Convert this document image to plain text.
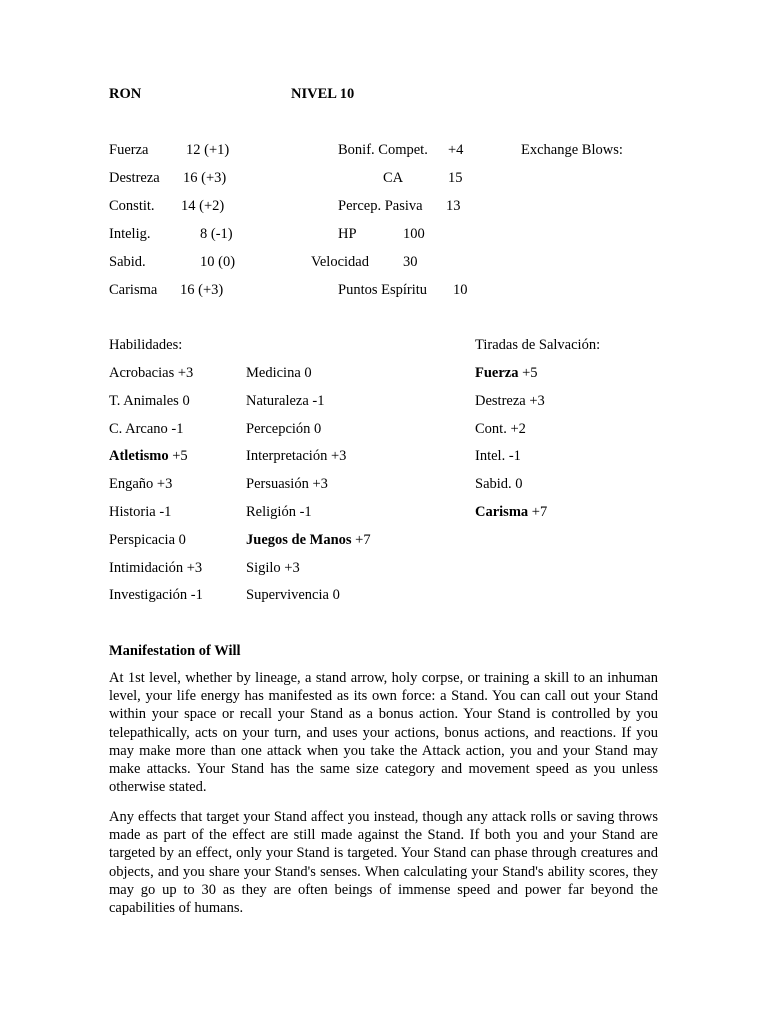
RON	NIVEL 10
Fuerza	12 (+1)
Destreza 16 (+3)
Constit. 14 (+2)
Intelig.	8 (-1)
Sabid.	10 (0)
Carisma 16 (+3)
Bonif. Compet. +4
CA	15
Percep. Pasiva 13
HP	100
Velocidad 30
Puntos Espíritu 10
Exchange Blows:
Habilidades:
Acrobacias +3
T. Animales 0
C. Arcano -1
Atletismo +5
Engaño +3
Historia -1
Perspicacia 0
Intimidación +3
Investigación -1
Medicina 0
Naturaleza -1
Percepción 0
Interpretación +3
Persuasión +3
Religión -1
Juegos de Manos +7
Sigilo +3
Supervivencia 0
Tiradas de Salvación:
Fuerza +5
Destreza +3
Cont. +2
Intel. -1
Sabid. 0
Carisma +7
Manifestation of Will

At 1st level, whether by lineage, a stand arrow, holy corpse, or training a skill to an inhuman level, your life energy has manifested as its own force: a Stand. You can call out your Stand within your space or recall your Stand as a bonus action. Your Stand is controlled by you telepathically, acts on your turn, and uses your actions, bonus actions, and reactions. If you may make more than one attack when you take the Attack action, you and your Stand may make attacks. Your Stand has the same size category and movement speed as you unless otherwise stated.

Any effects that target your Stand affect you instead, though any attack rolls or saving throws made as part of the effect are still made against the Stand. If both you and your Stand are targeted by an effect, only your Stand is targeted. Your Stand can phase through creatures and objects, and you share your Stand's senses. When calculating your Stand's ability scores, they may go up to 30 as they are often beings of immense speed and power far beyond the capabilities of humans.
